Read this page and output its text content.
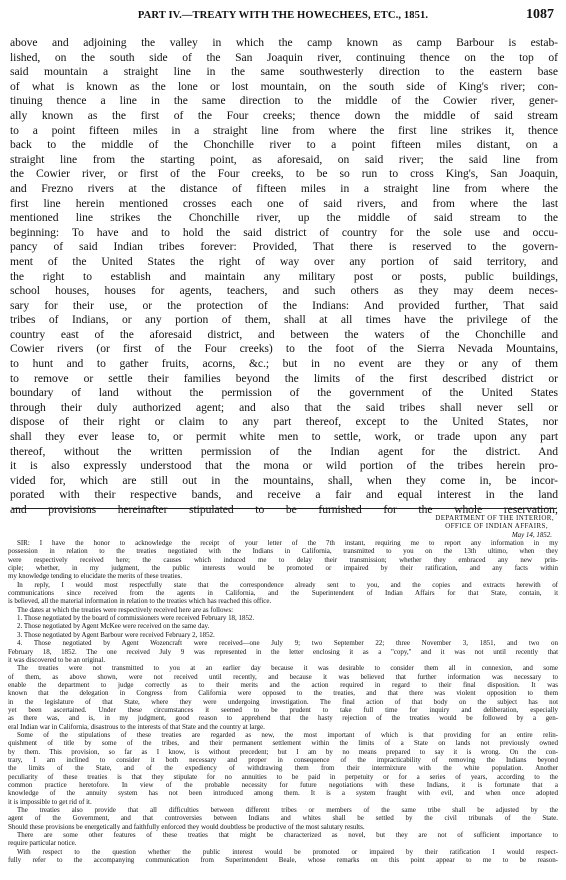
PART IV.—TREATY WITH THE HOWECHEES, ETC., 1851.	1087

above and adjoining the valley in which the camp known as camp Barbour is estab-

lished, on the south side of the San Joaquin river, continuing thence on the top of

said mountain a straight line in the same southwesterly direction to the eastern base

of what is known as the lone or lost mountain, on the south side of King's river; con-

tinuing thence a line in the same direction to the middle of the Cowier river, gener-

ally known as the first of the Four creeks; thence down the middle of said stream

to a point fifteen miles in a straight line from where the first line strikes it, thence

back to the middle of the Chonchille river to a point fifteen miles distant, on a

straight line from the starting point, as aforesaid, on said river; the said line from

the Cowier river, or first of the Four creeks, to be so run to cross King's, San Joaquin,

and Frezno rivers at the distance of fifteen miles in a straight line from where the

first line herein mentioned crosses each one of said rivers, and from where the last

mentioned line strikes the Chonchille river, up the middle of said stream to the

beginning: To have and to hold the said district of country for the sole use and occu-

pancy of said Indian tribes forever: Provided, That there is reserved to the govern-

ment of the United States the right of way over any portion of said territory, and

the right to establish and maintain any military post or posts, public buildings,

school houses, houses for agents, teachers, and such others as they may deem neces-

sary for their use, or the protection of the Indians: And provided further, That said

tribes of Indians, or any portion of them, shall at all times have the privilege of the

country east of the aforesaid district, and between the waters of the Chonchille and

Cowier rivers (or first of the Four creeks) to the foot of the Sierra Nevada Mountains,

to hunt and to gather fruits, acorns, &c.; but in no event are they or any of them

to remove or settle their families beyond the limits of the first described district or

boundary of land without the permission of the government of the United States

through their duly authorized agent; and also that the said tribes shall never sell or

dispose of their right or claim to any part thereof, except to the United States, nor

shall they ever lease to, or permit white men to settle, work, or trade upon any part

thereof, without the written permission of the Indian agent for the district. And

it is also expressly understood that the mona or wild portion of the tribes herein pro-

vided for, which are still out in the mountains, shall, when they come in, be incor-

porated with their respective bands, and receive a fair and equal interest in the land

and provisions hereinafter stipulated to be furnished for the whole reservation;

DEPARTMENT OF THE INTERIOR,
OFFICE OF INDIAN AFFAIRS,
May 14, 1852.

SIR: I have the honor to acknowledge the receipt of your letter of the 7th instant, requiring me to report any information in my

possession in relation to the treaties negotiated with the Indians in California, transmitted to you on the 13th ultimo, when they

were respectively received here; the causes which induced me to delay their transmission; whether they embraced any new prin-

ciple; whether, in my judgment, the public interests would be promoted or impaired by their ratification, and any facts within

my knowledge tending to elucidate the merits of these treaties.

In reply, I would most respectfully state that the correspondence already sent to you, and the copies and extracts herewith of

communications since received from the agents in California, and the Superintendent of Indian Affairs for that State, contain, it

is believed, all the material information in relation to the treaties which has reached this office.

The dates at which the treaties were respectively received here are as follows:

1. Those negotiated by the board of commissioners were received February 18, 1852.

2. Those negotiated by Agent McKee were received on the same day.

3. Those negotiated by Agent Barbour were received February 2, 1852.

4. Those negotiated by Agent Wozencraft were received—one July 9; two September 22; three November 3, 1851, and two on

February 18, 1852. The one received July 9 was represented in the letter enclosing it as a "copy," and it was not until recently that

it was discovered to be an original.

The treaties were not transmitted to you at an earlier day because it was desirable to consider them all in connexion, and some

of them, as above shown, were not received until recently, and because it was believed that further information was necessary to

enable the department to judge correctly as to their merits and the action required in regard to their final disposition. It was

known that the delegation in Congress from California were opposed to the treaties, and that there was violent opposition to them

in the legislature of that State, where they were undergoing investigation. The final action of that body on the subject has not

yet been ascertained. Under these circumstances it seemed to be prudent to take full time for inquiry and deliberation, especially

as there was, and is, in my judgment, good reason to apprehend that the hasty rejection of the treaties would be followed by a gen-

eral Indian war in California, disastrous to the interests of that State and the country at large.

Some of the stipulations of these treaties are regarded as new, the most important of which is that providing for an entire relin-

quishment of title by some of the tribes, and their permanent settlement within the limits of a State on lands not previously owned

by them. This provision, so far as I know, is without precedent; but I am by no means prepared to say it is wrong. On the con-

trary, I am inclined to consider it both necessary and proper in consequence of the impracticability of removing the Indians beyond

the limits of the State, and of the expediency of withdrawing them from their intermixture with the white population. Another

peculiarity of these treaties is that they stipulate for no annuities to be paid in perpetuity or for a series of years, according to the

common practice heretofore. In view of the probable necessity for future negotiations with these Indians, it is fortunate that a

knowledge of the annuity system has not been introduced among them. It is a system fraught with evil, and when once adopted

it is impossible to get rid of it.

The treaties also provide that all difficulties between different tribes or members of the same tribe shall be adjusted by the

agent of the Government, and that controversies between Indians and whites shall be settled by the civil tribunals of the State.

Should these provisions be energetically and faithfully enforced they would doubtless be productive of the most salutary results.

There are some other features of these treaties that might be characterized as novel, but they are not of sufficient importance to

require particular notice.

With respect to the question whether the public interest would be promoted or impaired by their ratification I would respect-

fully refer to the accompanying communication from Superintendent Beale, whose remarks on this point appear to me to be reason-
